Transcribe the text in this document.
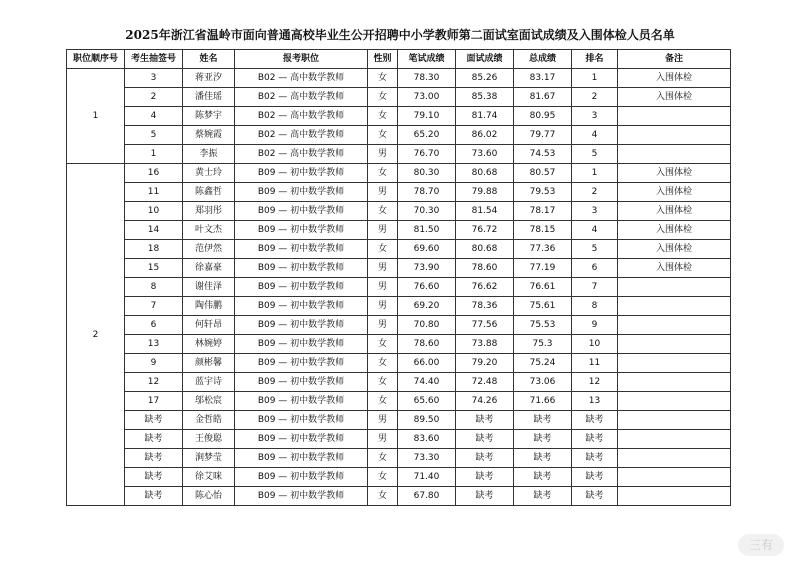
2025年浙江省温岭市面向普通高校毕业生公开招聘中小学教师第二面试室面试成绩及入围体检人员名单
职位顺序号	考生抽签号	姓名	报考职位	性别	笔试成绩	面试成绩	总成绩	排名	备注
1	3	蒋亚汐	B02 — 高中数学教师	女	78.30	85.26	83.17	1	入围体检
	2	潘佳瑶	B02 — 高中数学教师	女	73.00	85.38	81.67	2	入围体检
	4	陈梦宇	B02 — 高中数学教师	女	79.10	81.74	80.95	3	
	5	蔡婉霞	B02 — 高中数学教师	女	65.20	86.02	79.77	4	
	1	李振	B02 — 高中数学教师	男	76.70	73.60	74.53	5	
2	16	黄士玲	B09 — 初中数学教师	女	80.30	80.68	80.57	1	入围体检
	11	陈鑫哲	B09 — 初中数学教师	男	78.70	79.88	79.53	2	入围体检
	10	郑羽彤	B09 — 初中数学教师	女	70.30	81.54	78.17	3	入围体检
	14	叶文杰	B09 — 初中数学教师	男	81.50	76.72	78.15	4	入围体检
	18	范伊然	B09 — 初中数学教师	女	69.60	80.68	77.36	5	入围体检
	15	徐嘉豪	B09 — 初中数学教师	男	73.90	78.60	77.19	6	入围体检
	8	谢佳泽	B09 — 初中数学教师	男	76.60	76.62	76.61	7	
	7	陶伟鹏	B09 — 初中数学教师	男	69.20	78.36	75.61	8	
	6	何轩昂	B09 — 初中数学教师	男	70.80	77.56	75.53	9	
	13	林婉婷	B09 — 初中数学教师	女	78.60	73.88	75.3	10	
	9	颜彬馨	B09 — 初中数学教师	女	66.00	79.20	75.24	11	
	12	蓝宇诗	B09 — 初中数学教师	女	74.40	72.48	73.06	12	
	17	邬松宸	B09 — 初中数学教师	女	65.60	74.26	71.66	13	
	缺考	金哲皓	B09 — 初中数学教师	男	89.50	缺考	缺考	缺考	
	缺考	王俊聪	B09 — 初中数学教师	男	83.60	缺考	缺考	缺考	
	缺考	涧梦莹	B09 — 初中数学教师	女	73.30	缺考	缺考	缺考	
	缺考	徐艾咪	B09 — 初中数学教师	女	71.40	缺考	缺考	缺考	
	缺考	陈心怡	B09 — 初中数学教师	女	67.80	缺考	缺考	缺考	
三有
